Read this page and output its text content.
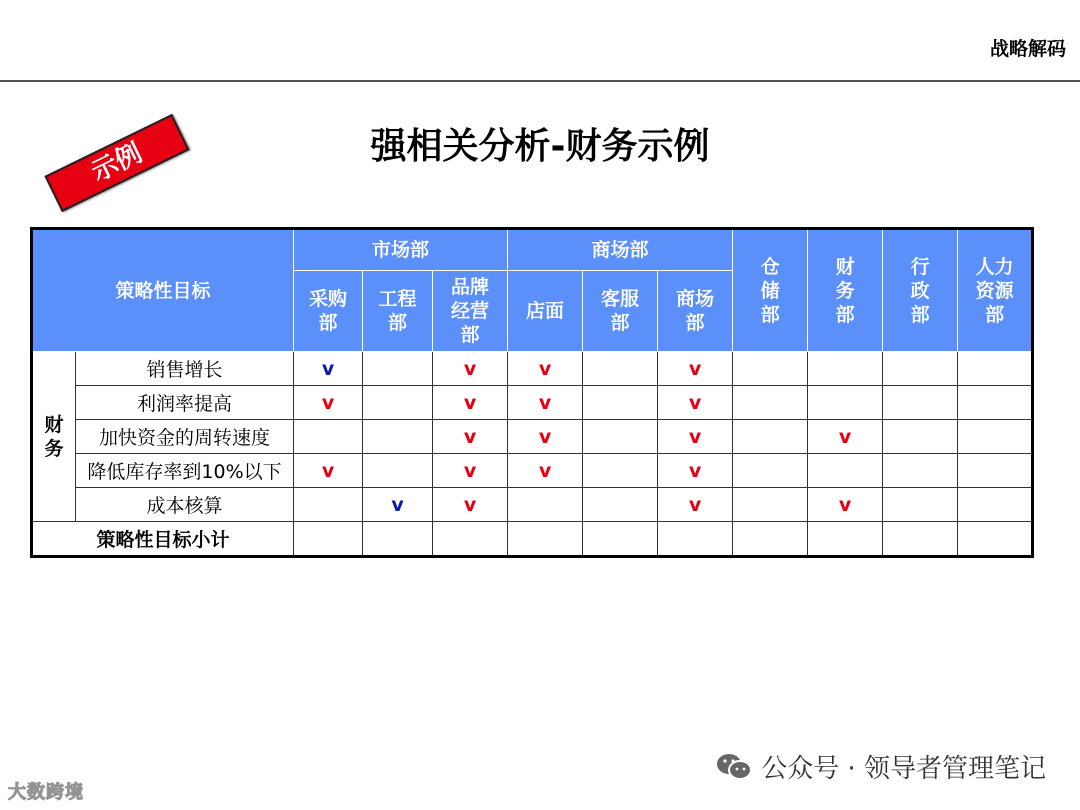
战略解码
示例	强相关分析-财务示例
策略性目标		市场部			商场部			仓
储
部	财
务
部	行
政
部	人力
资源
部
		采购
部	工程
部	品牌
经营
部	店面	客服
部	商场
部				
财
务	销售增长	v		v	v		v				
	利润率提高	v		v	v		v				
	加快资金的周转速度			v	v		v		v		
	降低库存率到10%以下	v		v	v		v				
	成本核算		v	v			v		v		
策略性目标小计											
大数跨境
公众号 · 领导者管理笔记
